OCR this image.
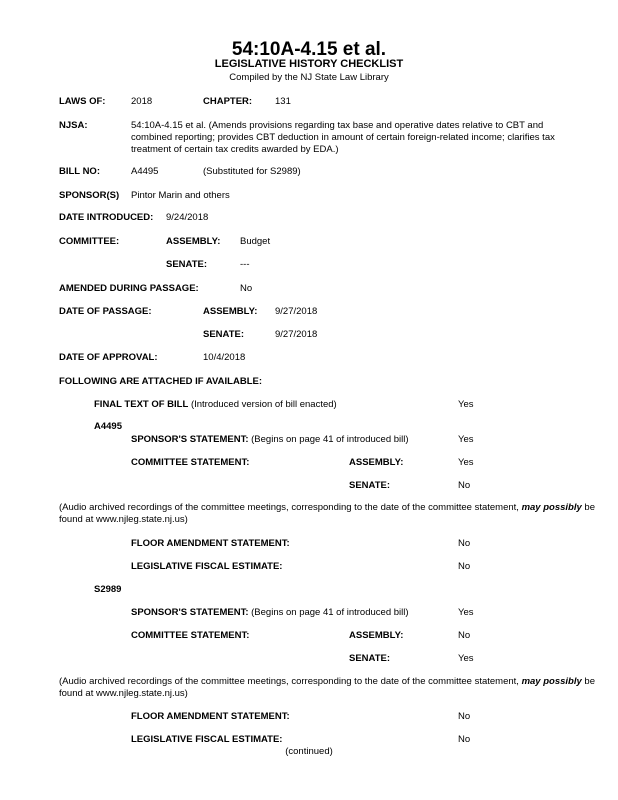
54:10A-4.15 et al.
LEGISLATIVE HISTORY CHECKLIST
Compiled by the NJ State Law Library
LAWS OF:	2018	CHAPTER: 131
NJSA:	54:10A-4.15 et al. (Amends provisions regarding tax base and operative dates relative to CBT and combined reporting; provides CBT deduction in amount of certain foreign-related income; clarifies tax treatment of certain tax credits awarded by EDA.)
BILL NO:	A4495	(Substituted for S2989)
SPONSOR(S) Pintor Marin and others
DATE INTRODUCED: 9/24/2018
COMMITTEE:	ASSEMBLY: Budget
SENATE:	---
AMENDED DURING PASSAGE:	No
DATE OF PASSAGE:	ASSEMBLY: 9/27/2018
SENATE:	9/27/2018
DATE OF APPROVAL:	10/4/2018
FOLLOWING ARE ATTACHED IF AVAILABLE:
FINAL TEXT OF BILL (Introduced version of bill enacted)	Yes
A4495
SPONSOR'S STATEMENT: (Begins on page 41 of introduced bill)	Yes
COMMITTEE STATEMENT:	ASSEMBLY:	Yes
SENATE:	No
(Audio archived recordings of the committee meetings, corresponding to the date of the committee statement, may possibly be found at www.njleg.state.nj.us)
FLOOR AMENDMENT STATEMENT:	No
LEGISLATIVE FISCAL ESTIMATE:	No
S2989
SPONSOR'S STATEMENT: (Begins on page 41 of introduced bill)	Yes
COMMITTEE STATEMENT:	ASSEMBLY:	No
SENATE:	Yes
(Audio archived recordings of the committee meetings, corresponding to the date of the committee statement, may possibly be found at www.njleg.state.nj.us)
FLOOR AMENDMENT STATEMENT:	No
LEGISLATIVE FISCAL ESTIMATE:	No
(continued)
